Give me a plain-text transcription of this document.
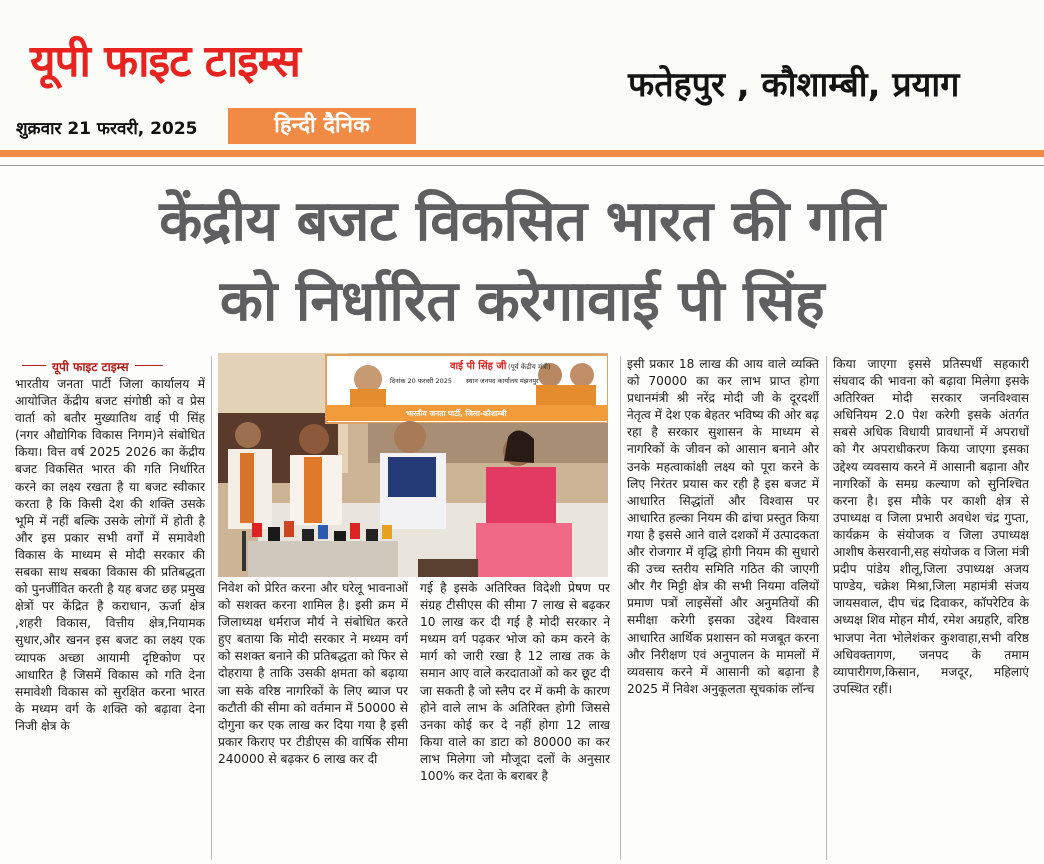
यूपी फाइट टाइम्स
शुक्रवार 21 फरवरी, 2025	हिन्दी दैनिक
फतेहपुर , कौशाम्बी, प्रयाग
केंद्रीय बजट विकसित भारत की गति
को निर्धारित करेगावाई पी सिंह
यूपी फाइट टाइम्स	वाई पी सिंह जी (पूर्व केंद्रीय मंत्री)
दिनांक 20 फरवरी 2025 स्थान जनपद कार्यालय मंझनपुर
भारतीय जनता पार्टी, जिला-कौशाम्बी
भारतीय जनता पार्टी जिला कार्यालय में आयोजित केंद्रीय बजट संगोष्ठी को व प्रेस वार्ता को बतौर मुख्यातिथ वाई पी सिंह (नगर औद्योगिक विकास निगम)ने संबोधित किया। वित्त वर्ष 2025 2026 का केंद्रीय बजट विकसित भारत की गति निर्धारित करने का लक्ष्य रखता है या बजट स्वीकार करता है कि किसी देश की शक्ति उसके भूमि में नहीं बल्कि उसके लोगों में होती है और इस प्रकार सभी वर्गों में समावेशी विकास के माध्यम से मोदी सरकार की सबका साथ सबका विकास की प्रतिबद्धता को पुनर्जीवित करती है यह बजट छह प्रमुख क्षेत्रों पर केंद्रित है कराधान, ऊर्जा क्षेत्र ,शहरी विकास, वित्तीय क्षेत्र,नियामक सुधार,और खनन इस बजट का लक्ष्य एक व्यापक अच्छा आयामी दृष्टिकोण पर आधारित है जिसमें विकास को गति देना समावेशी विकास को सुरक्षित करना भारत के मध्यम वर्ग के शक्ति को बढ़ावा देना निजी क्षेत्र के
निवेश को प्रेरित करना और घरेलू भावनाओं को सशक्त करना शामिल है। इसी क्रम में जिलाध्यक्ष धर्मराज मौर्य ने संबोधित करते हुए बताया कि मोदी सरकार ने मध्यम वर्ग को सशक्त बनाने की प्रतिबद्धता को फिर से दोहराया है ताकि उसकी क्षमता को बढ़ाया जा सके वरिष्ठ नागरिकों के लिए ब्याज पर कटौती की सीमा को वर्तमान में 50000 से दोगुना कर एक लाख कर दिया गया है इसी प्रकार किराए पर टीडीएस की वार्षिक सीमा 240000 से बढ़कर 6 लाख कर दी
गई है इसके अतिरिक्त विदेशी प्रेषण पर संग्रह टीसीएस की सीमा 7 लाख से बढ़कर 10 लाख कर दी गई है मोदी सरकार ने मध्यम वर्ग पढ़कर भोज को कम करने के मार्ग को जारी रखा है 12 लाख तक के समान आए वाले करदाताओं को कर छूट दी जा सकती है जो स्लैप दर में कमी के कारण होने वाले लाभ के अतिरिक्त होगी जिससे उनका कोई कर दे नहीं होगा 12 लाख किया वाले का डाटा को 80000 का कर लाभ मिलेगा जो मौजूदा दलों के अनुसार 100% कर देता के बराबर है
इसी प्रकार 18 लाख की आय वाले व्यक्ति को 70000 का कर लाभ प्राप्त होगा प्रधानमंत्री श्री नरेंद्र मोदी जी के दूरदर्शी नेतृत्व में देश एक बेहतर भविष्य की ओर बढ़ रहा है सरकार सुशासन के माध्यम से नागरिकों के जीवन को आसान बनाने और उनके महत्वाकांक्षी लक्ष्य को पूरा करने के लिए निरंतर प्रयास कर रही है इस बजट में आधारित सिद्धांतों और विश्वास पर आधारित हल्का नियम की ढांचा प्रस्तुत किया गया है इससे आने वाले दशकों में उत्पादकता और रोजगार में वृद्धि होगी नियम की सुधारो की उच्च स्तरीय समिति गठित की जाएगी और गैर मिट्टी क्षेत्र की सभी नियमा वलियों प्रमाण पत्रों लाइसेंसों और अनुमतियों की समीक्षा करेगी इसका उद्देश्य विश्वास आधारित आर्थिक प्रशासन को मजबूत करना और निरीक्षण एवं अनुपालन के मामलों में व्यवसाय करने में आसानी को बढ़ाना है 2025 में निवेश अनुकूलता सूचकांक लॉन्च
किया जाएगा इससे प्रतिस्पर्धी सहकारी संघवाद की भावना को बढ़ावा मिलेगा इसके अतिरिक्त मोदी सरकार जनविश्वास अधिनियम 2.0 पेश करेगी इसके अंतर्गत सबसे अधिक विधायी प्रावधानों में अपराधों को गैर अपराधीकरण किया जाएगा इसका उद्देश्य व्यवसाय करने में आसानी बढ़ाना और नागरिकों के समग्र कल्याण को सुनिश्चित करना है। इस मौके पर काशी क्षेत्र से उपाध्यक्ष व जिला प्रभारी अवधेश चंद्र गुप्ता, कार्यक्रम के संयोजक व जिला उपाध्यक्ष आशीष केसरवानी,सह संयोजक व जिला मंत्री प्रदीप पांडेय शीलू,जिला उपाध्यक्ष अजय पाण्डेय, चक्रेश मिश्रा,जिला महामंत्री संजय जायसवाल, दीप चंद्र दिवाकर, कॉपरेटिव के अध्यक्ष शिव मोहन मौर्य, रमेश अग्रहरि, वरिष्ठ भाजपा नेता भोलेशंकर कुशवाहा,सभी वरिष्ठ अधिवक्तागण, जनपद के तमाम व्यापारीगण,किसान, मजदूर, महिलाएं उपस्थित रहीं।
